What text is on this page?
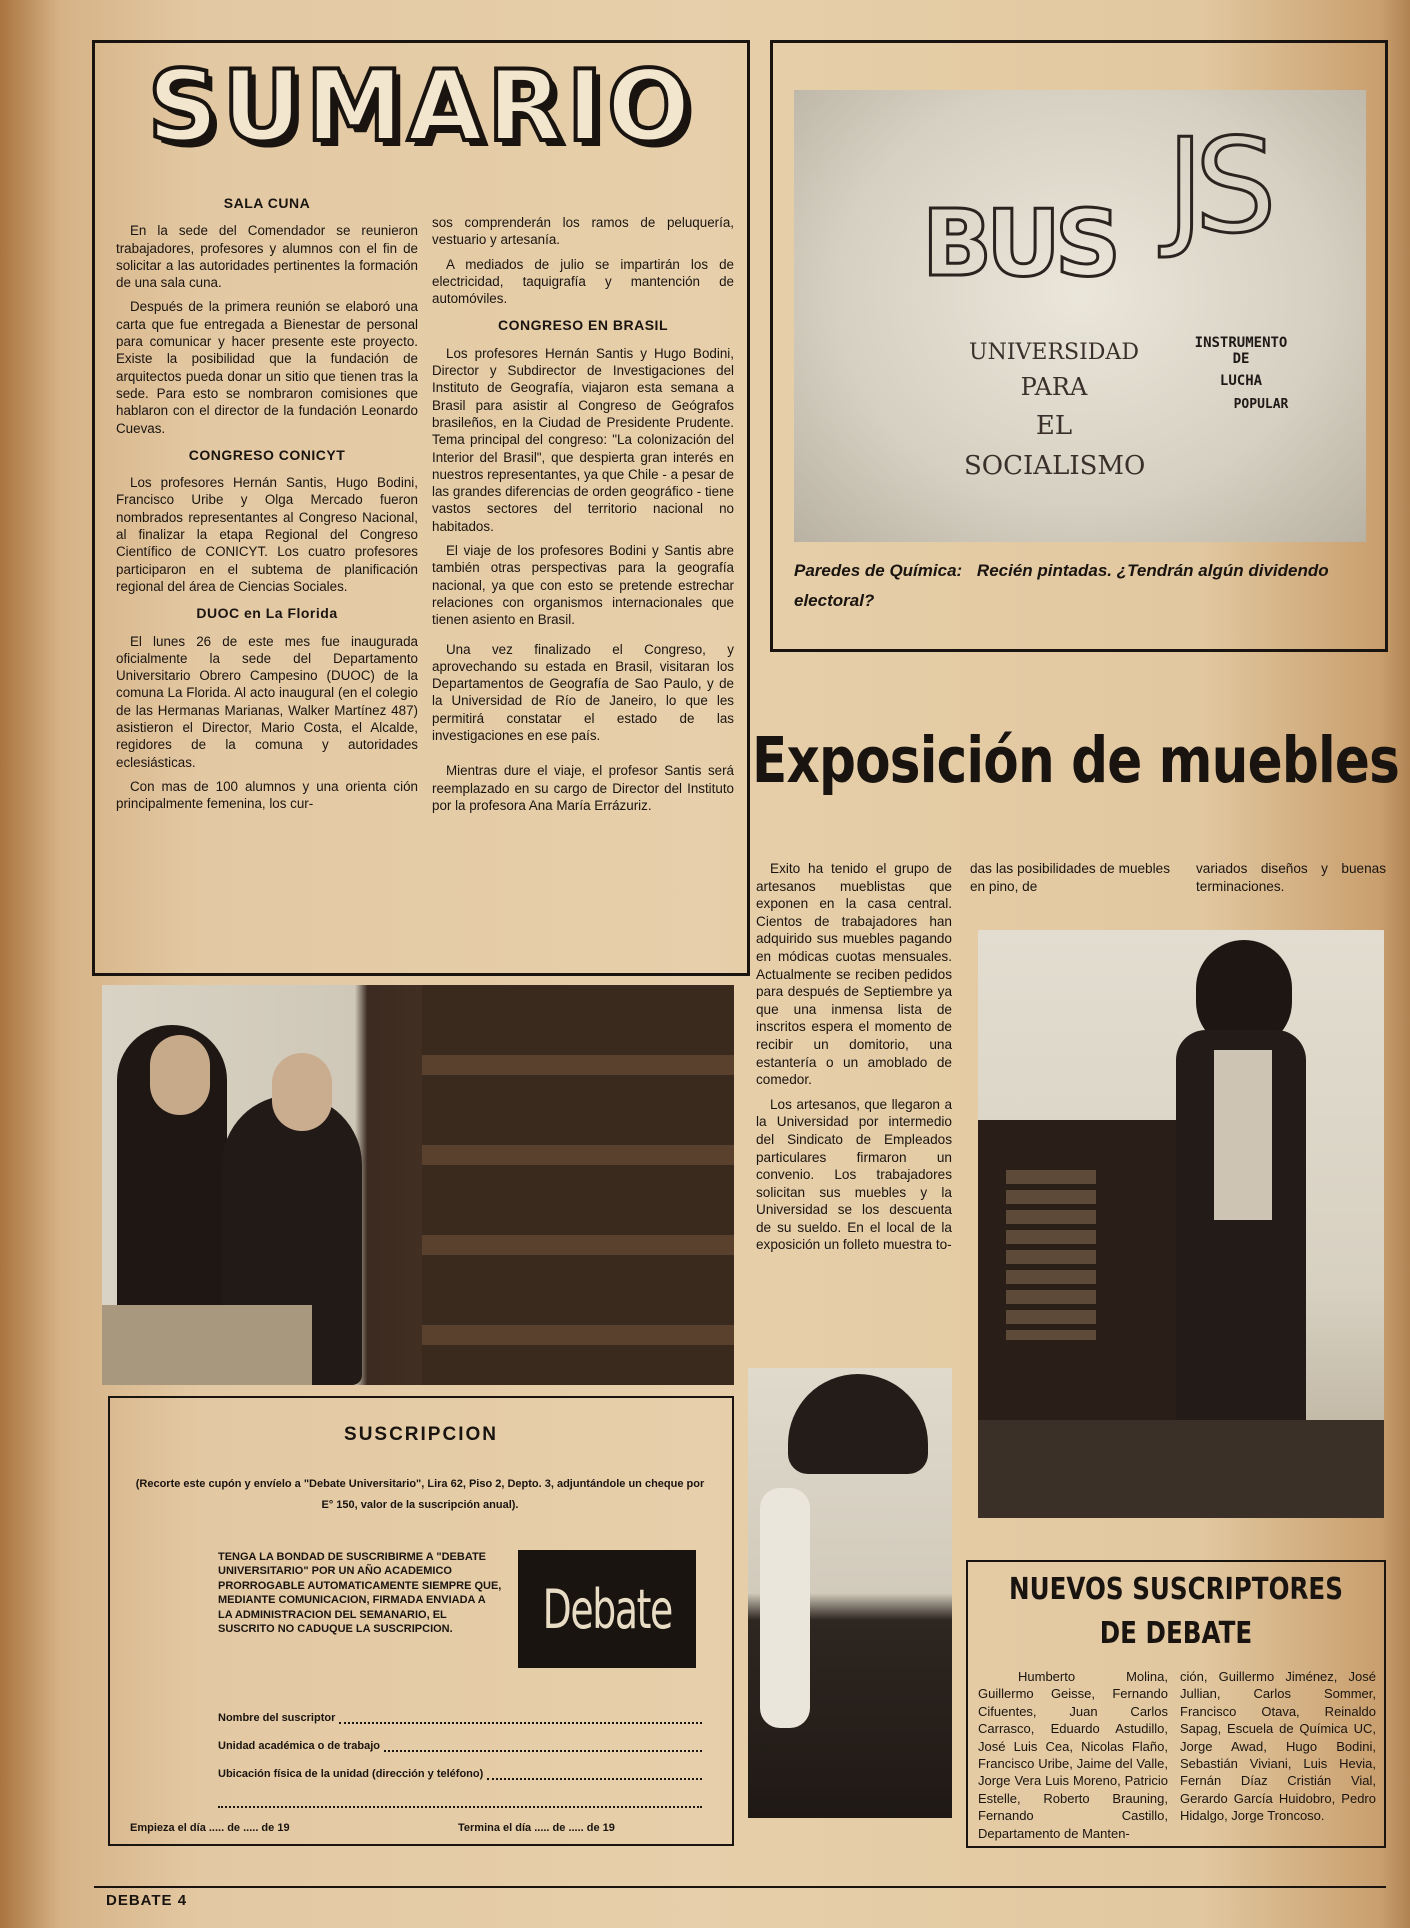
SUMARIO
SALA CUNA

En la sede del Comendador se reunieron trabajadores, profesores y alumnos con el fin de solicitar a las autoridades pertinentes la formación de una sala cuna.

Después de la primera reunión se elaboró una carta que fue entregada a Bienestar de personal para comunicar y hacer presente este proyecto. Existe la posibilidad que la fundación de arquitectos pueda donar un sitio que tienen tras la sede. Para esto se nombraron comisiones que hablaron con el director de la fundación Leonardo Cuevas.

CONGRESO CONICYT

Los profesores Hernán Santis, Hugo Bodini, Francisco Uribe y Olga Mercado fueron nombrados representantes al Congreso Nacional, al finalizar la etapa Regional del Congreso Científico de CONICYT. Los cuatro profesores participaron en el subtema de planificación regional del área de Ciencias Sociales.

DUOC en La Florida

El lunes 26 de este mes fue inaugurada oficialmente la sede del Departamento Universitario Obrero Campesino (DUOC) de la comuna La Florida. Al acto inaugural (en el colegio de las Hermanas Marianas, Walker Martínez 487) asistieron el Director, Mario Costa, el Alcalde, regidores de la comuna y autoridades eclesiásticas.

Con mas de 100 alumnos y una orienta ción principalmente femenina, los cur-

sos comprenderán los ramos de peluquería, vestuario y artesanía.

A mediados de julio se impartirán los de electricidad, taquigrafía y mantención de automóviles.

CONGRESO EN BRASIL

Los profesores Hernán Santis y Hugo Bodini, Director y Subdirector de Investigaciones del Instituto de Geografía, viajaron esta semana a Brasil para asistir al Congreso de Geógrafos brasileños, en la Ciudad de Presidente Prudente. Tema principal del congreso: "La colonización del Interior del Brasil", que despierta gran interés en nuestros representantes, ya que Chile - a pesar de las grandes diferencias de orden geográfico - tiene vastos sectores del territorio nacional no habitados.

El viaje de los profesores Bodini y Santis abre también otras perspectivas para la geografía nacional, ya que con esto se pretende estrechar relaciones con organismos internacionales que tienen asiento en Brasil.

Una vez finalizado el Congreso, y aprovechando su estada en Brasil, visitaran los Departamentos de Geografía de Sao Paulo, y de la Universidad de Río de Janeiro, lo que les permitirá constatar el estado de las investigaciones en ese país.

Mientras dure el viaje, el profesor Santis será reemplazado en su cargo de Director del Instituto por la profesora Ana María Errázuriz.

BUS JS
UNIVERSIDAD
PARA
EL
SOCIALISMO
INSTRUMENTO
DE
LUCHA
POPULAR
Paredes de Química: Recién pintadas. ¿Tendrán algún dividendo electoral?
Exposición de muebles

Exito ha tenido el grupo de artesanos mueblistas que exponen en la casa central. Cientos de trabajadores han adquirido sus muebles pagando en módicas cuotas mensuales. Actualmente se reciben pedidos para después de Septiembre ya que una inmensa lista de inscritos espera el momento de recibir un domitorio, una estantería o un amoblado de comedor.

Los artesanos, que llegaron a la Universidad por intermedio del Sindicato de Empleados particulares firmaron un convenio. Los trabajadores solicitan sus muebles y la Universidad se los descuenta de su sueldo. En el local de la exposición un folleto muestra to-

das las posibilidades de muebles en pino, de

variados diseños y buenas terminaciones.

SUSCRIPCION
(Recorte este cupón y envíelo a "Debate Universitario", Lira 62, Piso 2, Depto. 3, adjuntándole un cheque por E° 150, valor de la suscripción anual).
TENGA LA BONDAD DE SUSCRIBIRME A "DEBATE UNIVERSITARIO" POR UN AÑO ACADEMICO PRORROGABLE AUTOMATICAMENTE SIEMPRE QUE, MEDIANTE COMUNICACION, FIRMADA ENVIADA A LA ADMINISTRACION DEL SEMANARIO, EL SUSCRITO NO CADUQUE LA SUSCRIPCION.	Debate
Nombre del suscriptor
Unidad académica o de trabajo
Ubicación física de la unidad (dirección y teléfono)
Empieza el día ..... de ..... de 19	Termina el día ..... de ..... de 19
NUEVOS SUSCRIPTORES
DE DEBATE

Humberto Molina, Guillermo Geisse, Fernando Cifuentes, Juan Carlos Carrasco, Eduardo Astudillo, José Luis Cea, Nicolas Flaño, Francisco Uribe, Jaime del Valle, Jorge Vera Luis Moreno, Patricio Estelle, Roberto Brauning, Fernando Castillo, Departamento de Manten-

ción, Guillermo Jiménez, José Jullian, Carlos Sommer, Francisco Otava, Reinaldo Sapag, Escuela de Química UC, Jorge Awad, Hugo Bodini, Sebastián Viviani, Luis Hevia, Fernán Díaz Cristián Vial, Gerardo García Huidobro, Pedro Hidalgo, Jorge Troncoso.

DEBATE 4
